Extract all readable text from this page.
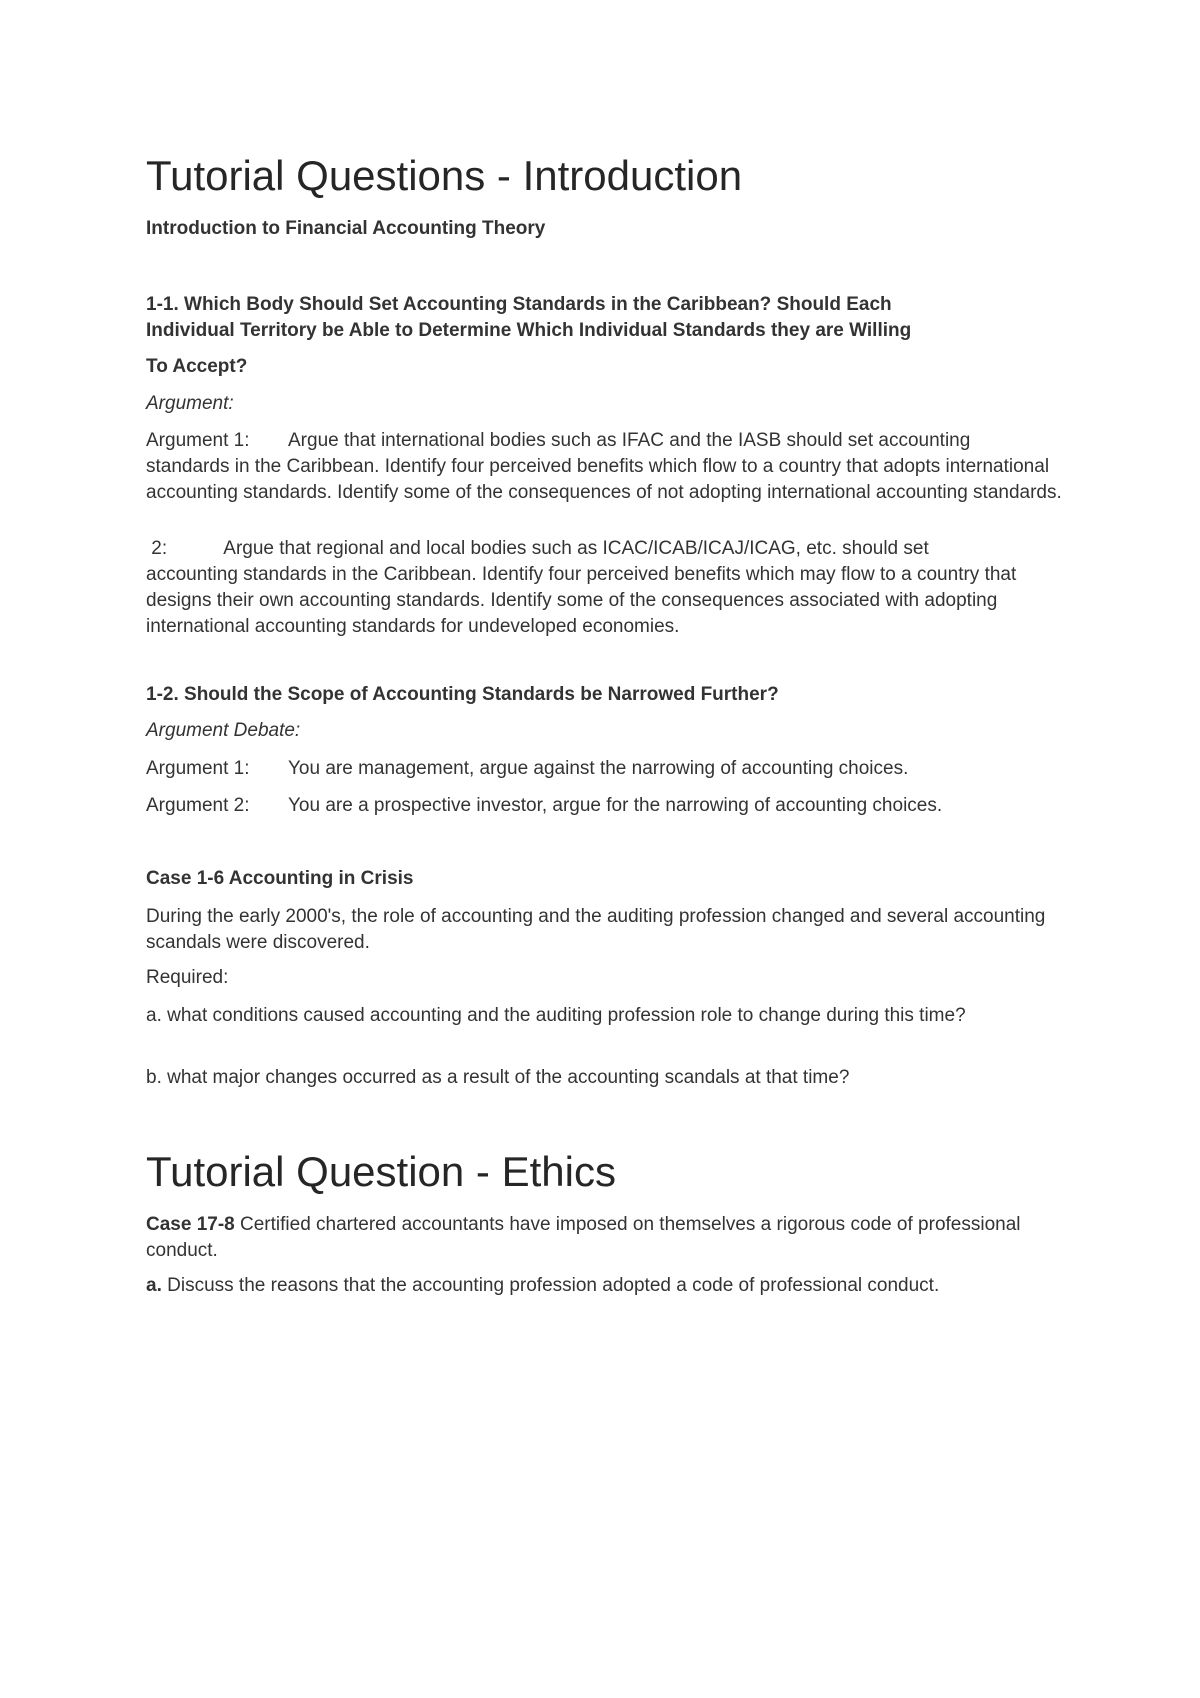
Tutorial Questions - Introduction
Introduction to Financial Accounting Theory
1-1. Which Body Should Set Accounting Standards in the Caribbean? Should Each
Individual Territory be Able to Determine Which Individual Standards they are Willing
To Accept?
Argument:
Argument 1: Argue that international bodies such as IFAC and the IASB should set accounting
standards in the Caribbean. Identify four perceived benefits which flow to a country that adopts international accounting standards. Identify some of the consequences of not adopting international accounting standards.
2:	Argue that regional and local bodies such as ICAC/ICAB/ICAJ/ICAG, etc. should set
accounting standards in the Caribbean. Identify four perceived benefits which may flow to a country that designs their own accounting standards. Identify some of the consequences associated with adopting international accounting standards for undeveloped economies.
1-2. Should the Scope of Accounting Standards be Narrowed Further?
Argument Debate:
Argument 1: You are management, argue against the narrowing of accounting choices.
Argument 2: You are a prospective investor, argue for the narrowing of accounting choices.
Case 1-6 Accounting in Crisis
During the early 2000's, the role of accounting and the auditing profession changed and several accounting scandals were discovered.
Required:
a. what conditions caused accounting and the auditing profession role to change during this time?
b. what major changes occurred as a result of the accounting scandals at that time?
Tutorial Question - Ethics
Case 17-8 Certified chartered accountants have imposed on themselves a rigorous code of professional conduct.
a. Discuss the reasons that the accounting profession adopted a code of professional conduct.
